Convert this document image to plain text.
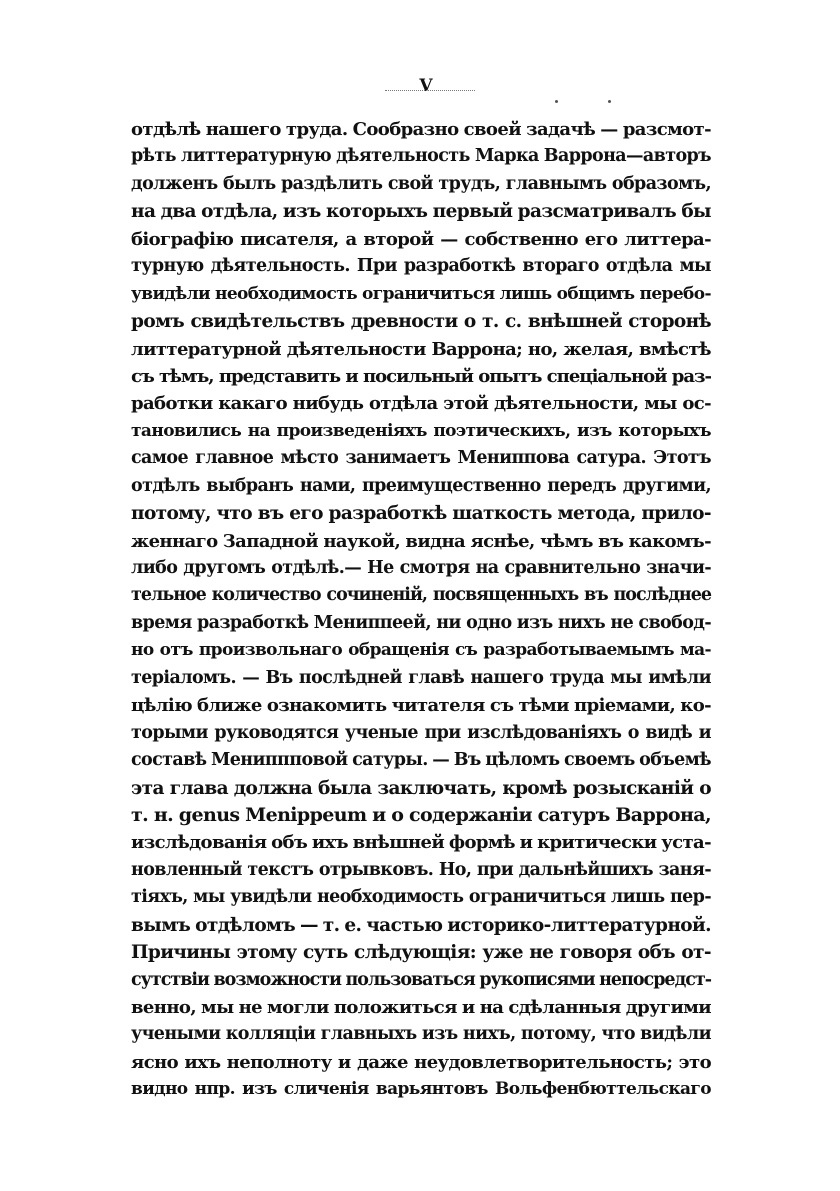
V
отдѣлѣ нашего труда. Сообразно своей задачѣ — разсмот-
рѣть литтературную дѣятельность Марка Варрона—авторъ
долженъ былъ раздѣлить свой трудъ, главнымъ образомъ,
на два отдѣла, изъ которыхъ первый разсматривалъ бы
біографію писателя, а второй — собственно его литтера-
турную дѣятельность. При разработкѣ втораго отдѣла мы
увидѣли необходимость ограничиться лишь общимъ перебо-
ромъ свидѣтельствъ древности о т. с. внѣшней сторонѣ
литтературной дѣятельности Варрона; но, желая, вмѣстѣ
съ тѣмъ, представить и посильный опытъ спеціальной раз-
работки какаго нибудь отдѣла этой дѣятельности, мы ос-
тановились на произведеніяхъ поэтическихъ, изъ которыхъ
самое главное мѣсто занимаетъ Мениппова сатура. Этотъ
отдѣлъ выбранъ нами, преимущественно передъ другими,
потому, что въ его разработкѣ шаткость метода, прило-
женнаго Западной наукой, видна яснѣе, чѣмъ въ какомъ-
либо другомъ отдѣлѣ.— Не смотря на сравнительно значи-
тельное количество сочиненій, посвященныхъ въ послѣднее
время разработкѣ Мениппеей, ни одно изъ нихъ не свобод-
но отъ произвольнаго обращенія съ разработываемымъ ма-
теріаломъ. — Въ послѣдней главѣ нашего труда мы имѣли
цѣлію ближе ознакомить читателя съ тѣми пріемами, ко-
торыми руководятся ученые при изслѣдованіяхъ о видѣ и
составѣ Мениппповой сатуры. — Въ цѣломъ своемъ объемѣ
эта глава должна была заключать, кромѣ розысканій о
т. н. genus Menippeum и о содержаніи сатуръ Варрона,
изслѣдованія объ ихъ внѣшней формѣ и критически уста-
новленный текстъ отрывковъ. Но, при дальнѣйшихъ заня-
тіяхъ, мы увидѣли необходимость ограничиться лишь пер-
вымъ отдѣломъ — т. е. частью историко-литтературной.
Причины этому суть слѣдующія: уже не говоря объ от-
сутствіи возможности пользоваться рукописями непосредст-
венно, мы не могли положиться и на сдѣланныя другими
учеными колляціи главныхъ изъ нихъ, потому, что видѣли
ясно ихъ неполноту и даже неудовлетворительность; это
видно нпр. изъ сличенія варьянтовъ Вольфенбюттельскаго
